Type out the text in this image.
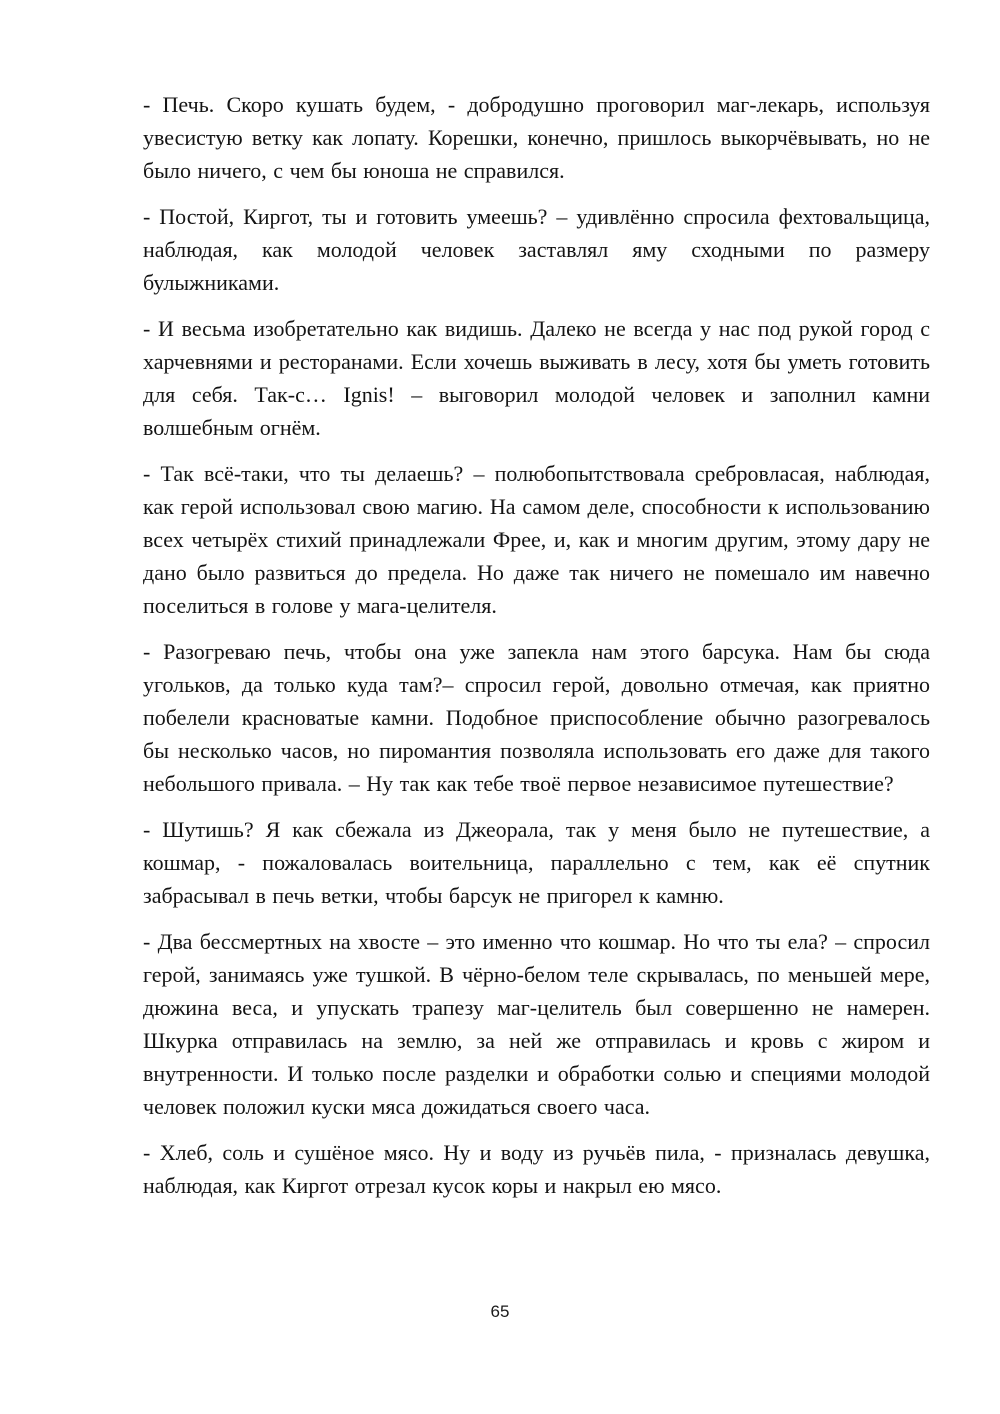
- Печь. Скоро кушать будем, - добродушно проговорил маг-лекарь, используя увесистую ветку как лопату. Корешки, конечно, пришлось выкорчёвывать, но не было ничего, с чем бы юноша не справился.

- Постой, Киргот, ты и готовить умеешь? – удивлённо спросила фехтовальщица, наблюдая, как молодой человек заставлял яму сходными по размеру булыжниками.

- И весьма изобретательно как видишь. Далеко не всегда у нас под рукой город с харчевнями и ресторанами. Если хочешь выживать в лесу, хотя бы уметь готовить для себя. Так-с… Ignis! – выговорил молодой человек и заполнил камни волшебным огнём.

- Так всё-таки, что ты делаешь? – полюбопытствовала сребровласая, наблюдая, как герой использовал свою магию. На самом деле, способности к использованию всех четырёх стихий принадлежали Фрее, и, как и многим другим, этому дару не дано было развиться до предела. Но даже так ничего не помешало им навечно поселиться в голове у мага-целителя.

- Разогреваю печь, чтобы она уже запекла нам этого барсука. Нам бы сюда угольков, да только куда там?– спросил герой, довольно отмечая, как приятно побелели красноватые камни. Подобное приспособление обычно разогревалось бы несколько часов, но пиромантия позволяла использовать его даже для такого небольшого привала. – Ну так как тебе твоё первое независимое путешествие?

- Шутишь? Я как сбежала из Джеорала, так у меня было не путешествие, а кошмар, - пожаловалась воительница, параллельно с тем, как её спутник забрасывал в печь ветки, чтобы барсук не пригорел к камню.

- Два бессмертных на хвосте – это именно что кошмар. Но что ты ела? – спросил герой, занимаясь уже тушкой. В чёрно-белом теле скрывалась, по меньшей мере, дюжина веса, и упускать трапезу маг-целитель был совершенно не намерен. Шкурка отправилась на землю, за ней же отправилась и кровь с жиром и внутренности. И только после разделки и обработки солью и специями молодой человек положил куски мяса дожидаться своего часа.

- Хлеб, соль и сушёное мясо. Ну и воду из ручьёв пила, - призналась девушка, наблюдая, как Киргот отрезал кусок коры и накрыл ею мясо.

65
